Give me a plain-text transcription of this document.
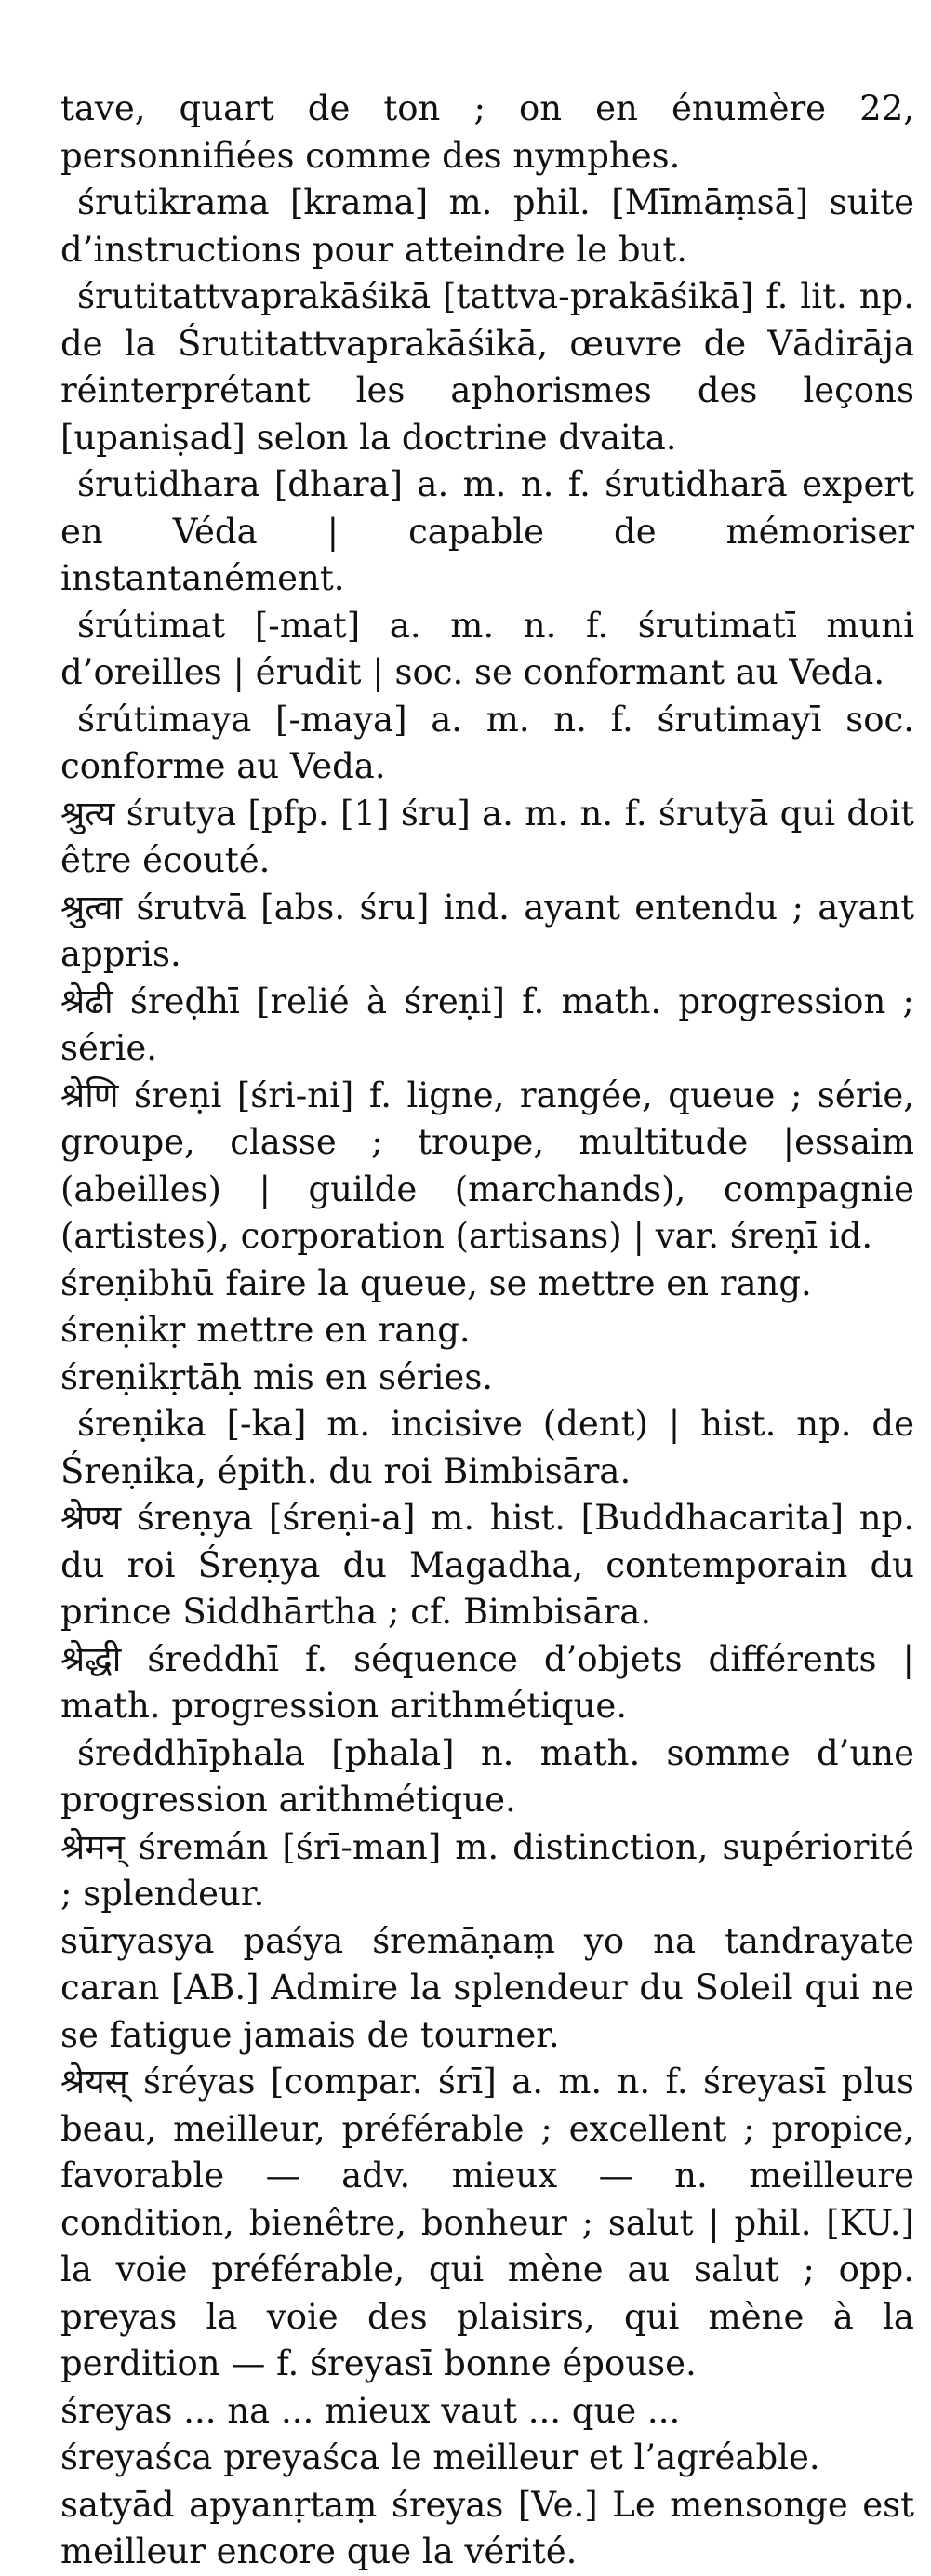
tave, quart de ton ; on en énumère 22, personnifiées comme des nymphes.

śrutikrama [krama] m. phil. [Mīmāṃsā] suite d’instructions pour atteindre le but.

śrutitattvaprakāśikā [tattva-prakāśikā] f. lit. np. de la Śrutitattvaprakāśikā, œuvre de Vādirāja réinterprétant les aphorismes des leçons [upaniṣad] selon la doctrine dvaita.

śrutidhara [dhara] a. m. n. f. śrutidharā expert en Véda | capable de mémoriser instantanément.

śrútimat [-mat] a. m. n. f. śrutimatī muni d’oreilles | érudit | soc. se conformant au Veda.

śrútimaya [-maya] a. m. n. f. śrutimayī soc. conforme au Veda.

श्रुत्य śrutya [pfp. [1] śru] a. m. n. f. śrutyā qui doit être écouté.

श्रुत्वा śrutvā [abs. śru] ind. ayant entendu ; ayant appris.

श्रेढी śreḍhī [relié à śreṇi] f. math. progression ; série.

श्रेणि śreṇi [śri-ni] f. ligne, rangée, queue ; série, groupe, classe ; troupe, multitude |essaim (abeilles) | guilde (marchands), compagnie (artistes), corporation (artisans) | var. śreṇī id.

śreṇibhū faire la queue, se mettre en rang.

śreṇikṛ mettre en rang.

śreṇikṛtāḥ mis en séries.

śreṇika [-ka] m. incisive (dent) | hist. np. de Śreṇika, épith. du roi Bimbisāra.

श्रेण्य śreṇya [śreṇi-a] m. hist. [Buddhacarita] np. du roi Śreṇya du Magadha, contemporain du prince Siddhārtha ; cf. Bimbisāra.

श्रेद्धी średdhī f. séquence d’objets différents | math. progression arithmétique.

średdhīphala [phala] n. math. somme d’une progression arithmétique.

श्रेमन् śremán [śrī-man] m. distinction, supériorité ; splendeur.

sūryasya paśya śremāṇaṃ yo na tandrayate caran [AB.] Admire la splendeur du Soleil qui ne se fatigue jamais de tourner.

श्रेयस् śréyas [compar. śrī] a. m. n. f. śreyasī plus beau, meilleur, préférable ; excellent ; propice, favorable — adv. mieux — n. meilleure condition, bienêtre, bonheur ; salut | phil. [KU.] la voie préférable, qui mène au salut ; opp. preyas la voie des plaisirs, qui mène à la perdition — f. śreyasī bonne épouse.

śreyas ... na ... mieux vaut ... que ...

śreyaśca preyaśca le meilleur et l’agréable.

satyād apyanṛtaṃ śreyas [Ve.] Le mensonge est meilleur encore que la vérité.
